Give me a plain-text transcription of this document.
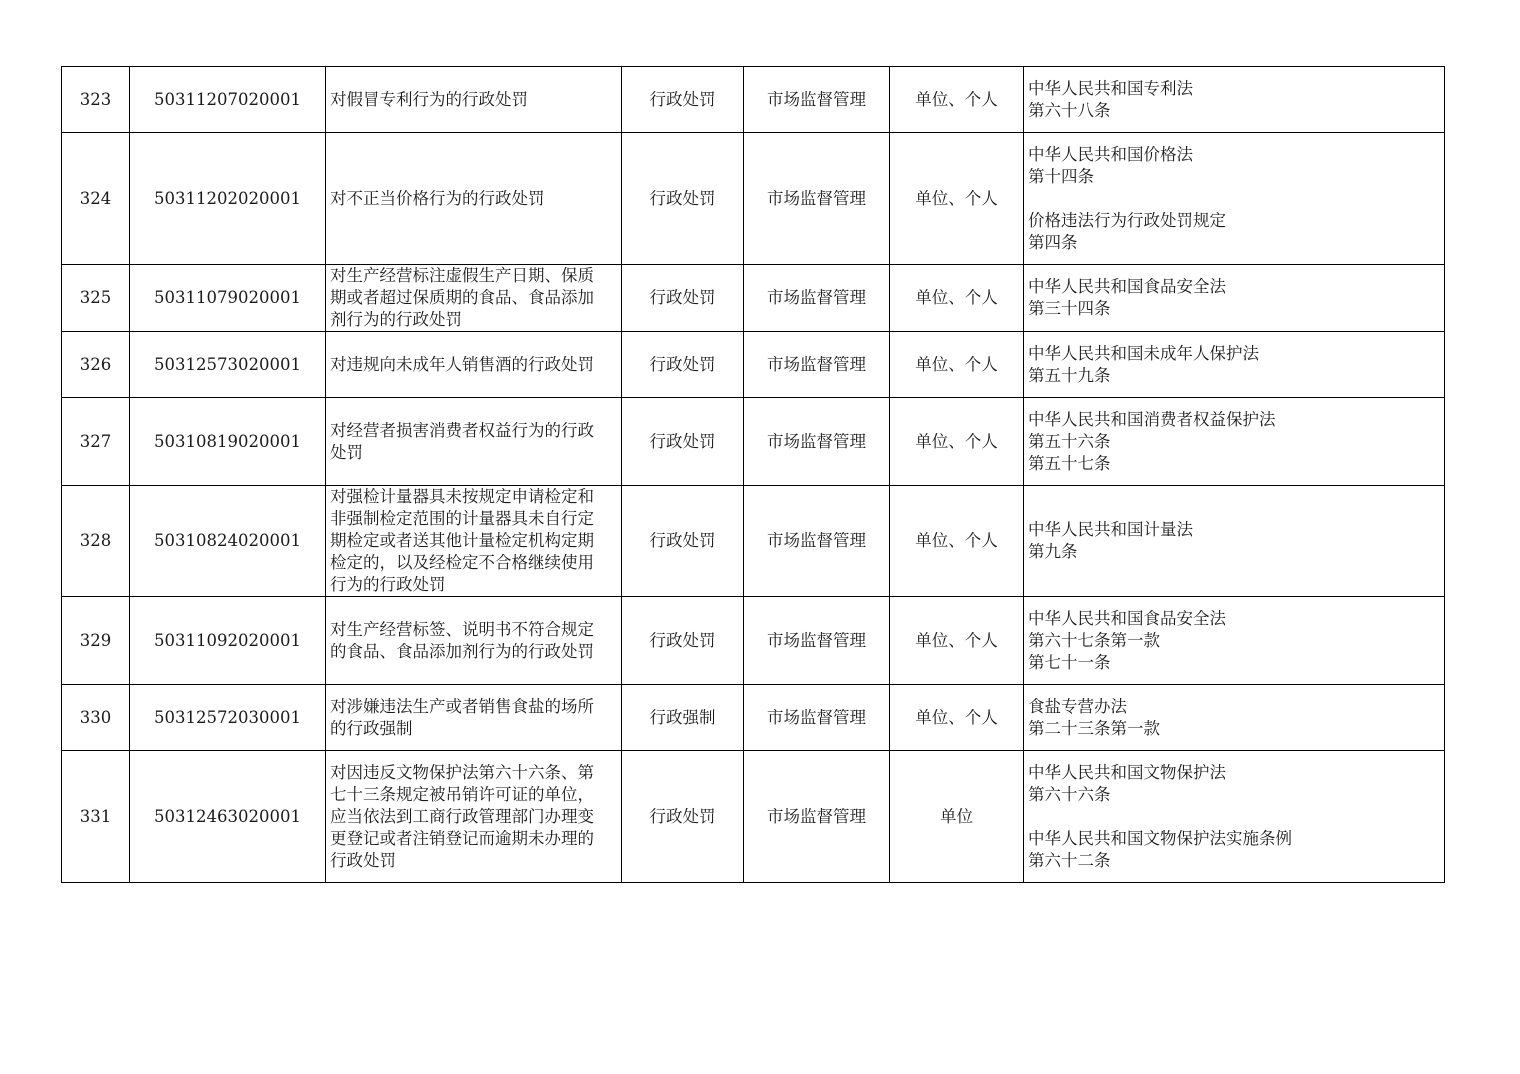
323	50311207020001	对假冒专利行为的行政处罚	行政处罚	市场监督管理	单位、个人	中华人民共和国专利法
第六十八条

324	50311202020001	对不正当价格行为的行政处罚	行政处罚	市场监督管理	单位、个人	中华人民共和国价格法
第十四条
价格违法行为行政处罚规定
第四条

325	50311079020001	对生产经营标注虚假生产日期、保质
期或者超过保质期的食品、食品添加
剂行为的行政处罚	行政处罚	市场监督管理	单位、个人	中华人民共和国食品安全法
第三十四条

326	50312573020001	对违规向未成年人销售酒的行政处罚	行政处罚	市场监督管理	单位、个人	中华人民共和国未成年人保护法
第五十九条

327	50310819020001	对经营者损害消费者权益行为的行政
处罚	行政处罚	市场监督管理	单位、个人	中华人民共和国消费者权益保护法
第五十六条
第五十七条

328	50310824020001	对强检计量器具未按规定申请检定和
非强制检定范围的计量器具未自行定
期检定或者送其他计量检定机构定期
检定的，以及经检定不合格继续使用
行为的行政处罚	行政处罚	市场监督管理	单位、个人	中华人民共和国计量法
第九条

329	50311092020001	对生产经营标签、说明书不符合规定
的食品、食品添加剂行为的行政处罚	行政处罚	市场监督管理	单位、个人	中华人民共和国食品安全法
第六十七条第一款
第七十一条

330	50312572030001	对涉嫌违法生产或者销售食盐的场所
的行政强制	行政强制	市场监督管理	单位、个人	食盐专营办法
第二十三条第一款

331	50312463020001	对因违反文物保护法第六十六条、第
七十三条规定被吊销许可证的单位，
应当依法到工商行政管理部门办理变
更登记或者注销登记而逾期未办理的
行政处罚	行政处罚	市场监督管理	单位	中华人民共和国文物保护法
第六十六条
中华人民共和国文物保护法实施条例
第六十二条
